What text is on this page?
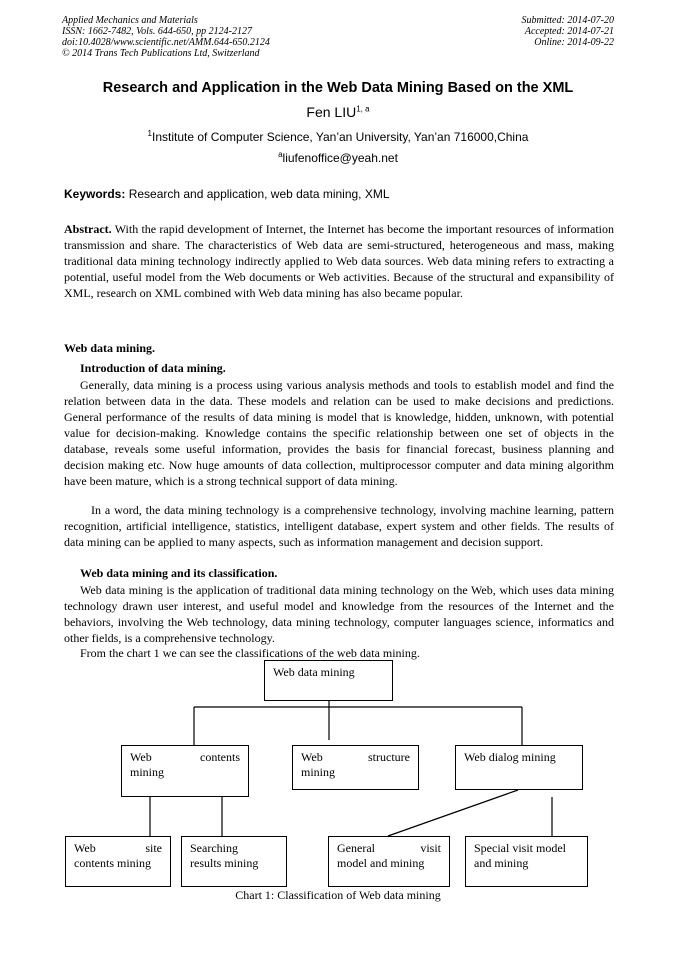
Applied Mechanics and Materials
ISSN: 1662-7482, Vols. 644-650, pp 2124-2127
doi:10.4028/www.scientific.net/AMM.644-650.2124
© 2014 Trans Tech Publications Ltd, Switzerland
Submitted: 2014-07-20
Accepted: 2014-07-21
Online: 2014-09-22
Research and Application in the Web Data Mining Based on the XML
Fen LIU$^{1, a}$
$^1$Institute of Computer Science, Yan’an University, Yan’an 716000,China
$^a$liufenoffice@yeah.net
Keywords: Research and application, web data mining, XML
Abstract. With the rapid development of Internet, the Internet has become the important resources of information transmission and share. The characteristics of Web data are semi-structured, heterogeneous and mass, making traditional data mining technology indirectly applied to Web data sources. Web data mining refers to extracting a potential, useful model from the Web documents or Web activities. Because of the structural and expansibility of XML, research on XML combined with Web data mining has also became popular.
Web data mining.
Introduction of data mining.
Generally, data mining is a process using various analysis methods and tools to establish model and find the relation between data in the data. These models and relation can be used to make decisions and predictions. General performance of the results of data mining is model that is knowledge, hidden, unknown, with potential value for decision-making. Knowledge contains the specific relationship between one set of objects in the database, reveals some useful information, provides the basis for financial forecast, business planning and decision making etc. Now huge amounts of data collection, multiprocessor computer and data mining algorithm have been mature, which is a strong technical support of data mining.
In a word, the data mining technology is a comprehensive technology, involving machine learning, pattern recognition, artificial intelligence, statistics, intelligent database, expert system and other fields. The results of data mining can be applied to many aspects, such as information management and decision support.
Web data mining and its classification.
Web data mining is the application of traditional data mining technology on the Web, which uses data mining technology drawn user interest, and useful model and knowledge from the resources of the Internet and the behaviors, involving the Web technology, data mining technology, computer languages science, informatics and other fields, is a comprehensive technology.
From the chart 1 we can see the classifications of the web data mining.
Web data mining
Web	contents
mining
Web	structure
mining
Web dialog mining
Web	site
contents mining
Searching
results mining
General	visit
model and mining
Special visit model
and mining
Chart 1: Classification of Web data mining
